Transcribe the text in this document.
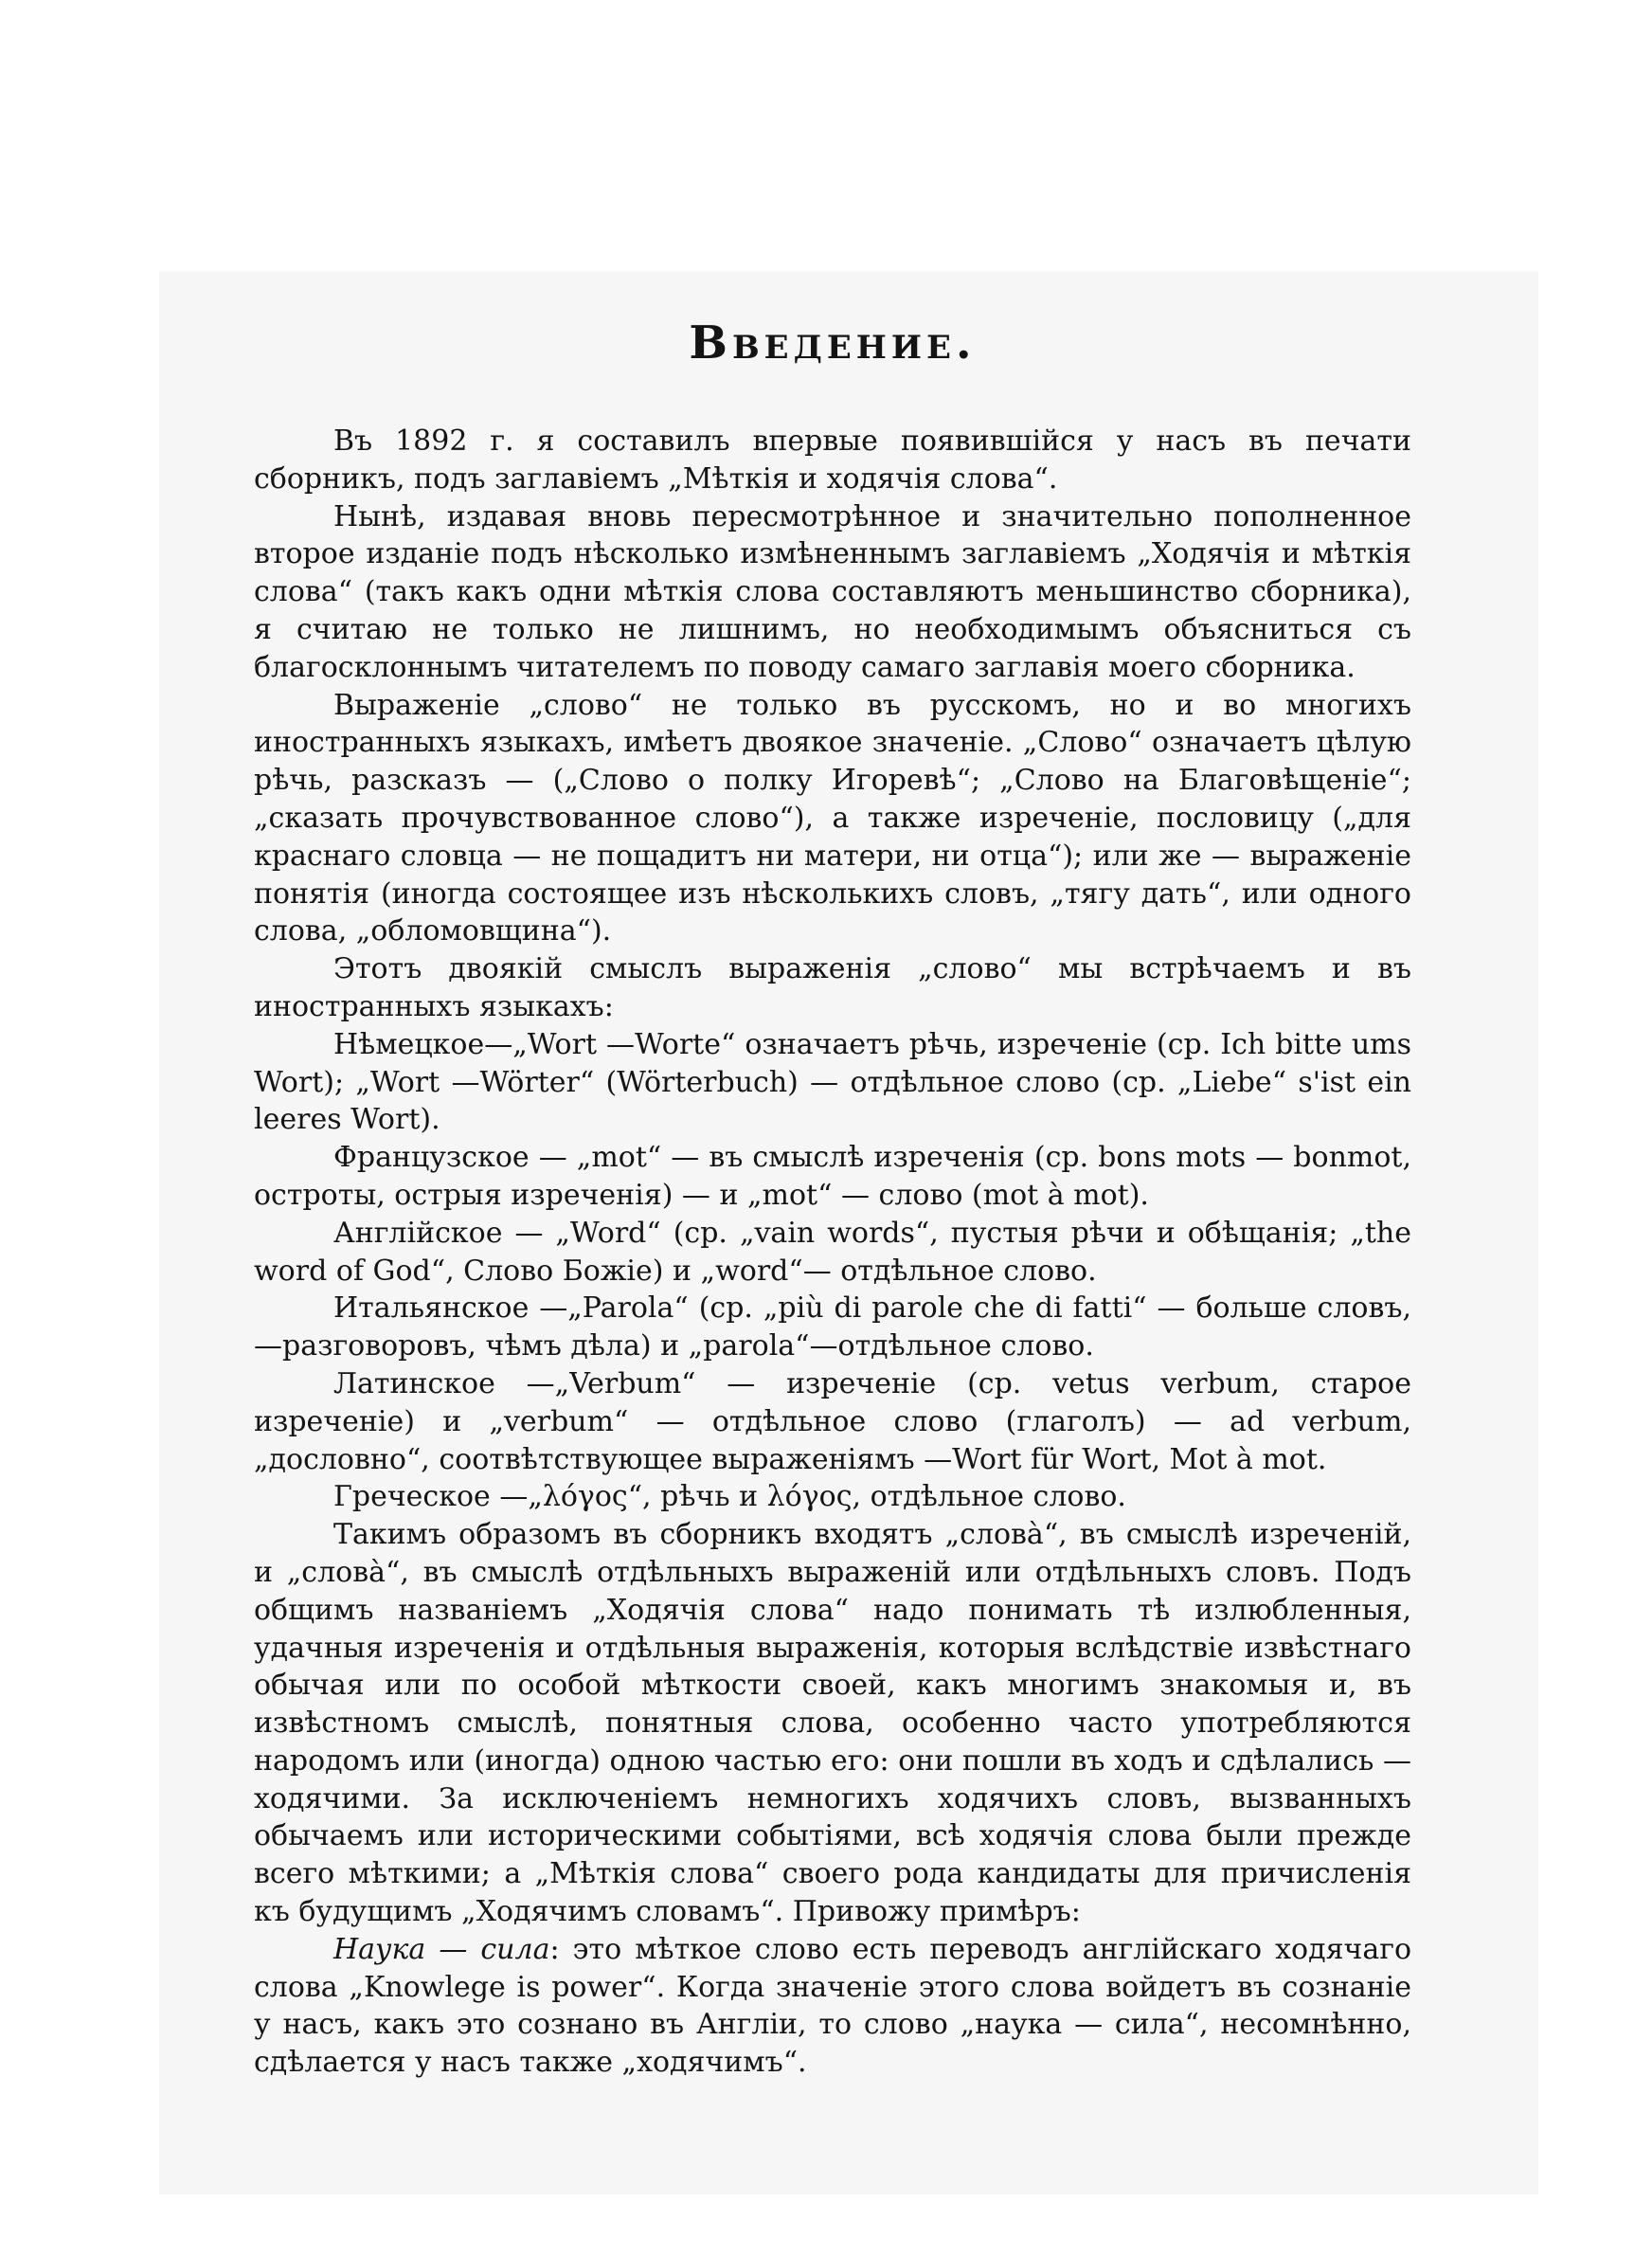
Введение.

Въ 1892 г. я составилъ впервые появившійся у насъ въ печати сборникъ, подъ заглавіемъ „Мѣткія и ходячія слова“.

Нынѣ, издавая вновь пересмотрѣнное и значительно пополненное второе изданіе подъ нѣсколько измѣненнымъ заглавіемъ „Ходячія и мѣткія слова“ (такъ какъ одни мѣткія слова составляютъ меньшинство сборника), я считаю не только не лишнимъ, но необходимымъ объясниться съ благосклоннымъ читателемъ по поводу самаго заглавія моего сборника.

Выраженіе „слово“ не только въ русскомъ, но и во многихъ иностранныхъ языкахъ, имѣетъ двоякое значеніе. „Слово“ означаетъ цѣлую рѣчь, разсказъ — („Слово о полку Игоревѣ“; „Слово на Благовѣщеніе“; „сказать прочувствованное слово“), а также изреченіе, пословицу („для краснаго словца — не пощадитъ ни матери, ни отца“); или же — выраженіе понятія (иногда состоящее изъ нѣсколькихъ словъ, „тягу дать“, или одного слова, „обломовщина“).

Этотъ двоякій смыслъ выраженія „слово“ мы встрѣчаемъ и въ иностранныхъ языкахъ:

Нѣмецкое—„Wort —Worte“ означаетъ рѣчь, изреченіе (ср. Ich bitte ums Wort); „Wort —Wörter“ (Wörterbuch) — отдѣльное слово (ср. „Liebe“ s'ist ein leeres Wort).

Французское — „mot“ — въ смыслѣ изреченія (ср. bons mots — bonmot, остроты, острыя изреченія) — и „mot“ — слово (mot à mot).

Англійское — „Word“ (ср. „vain words“, пустыя рѣчи и обѣщанія; „the word of God“, Слово Божіе) и „word“— отдѣльное слово.

Итальянское —„Parola“ (ср. „più di parole che di fatti“ — больше словъ,—разговоровъ, чѣмъ дѣла) и „parola“—отдѣльное слово.

Латинское —„Verbum“ — изреченіе (ср. vetus verbum, старое изреченіе) и „verbum“ — отдѣльное слово (глаголъ) — ad verbum, „дословно“, соотвѣтствующее выраженіямъ —Wort für Wort, Mot à mot.

Греческое —„λόγος“, рѣчь и λόγος, отдѣльное слово.

Такимъ образомъ въ сборникъ входятъ „слова̀“, въ смыслѣ изреченій, и „слова̀“, въ смыслѣ отдѣльныхъ выраженій или отдѣльныхъ словъ. Подъ общимъ названіемъ „Ходячія слова“ надо понимать тѣ излюбленныя, удачныя изреченія и отдѣльныя выраженія, которыя вслѣдствіе извѣстнаго обычая или по особой мѣткости своей, какъ многимъ знакомыя и, въ извѣстномъ смыслѣ, понятныя слова, особенно часто употребляются народомъ или (иногда) одною частью его: они пошли въ ходъ и сдѣлались — ходячими. За исключеніемъ немногихъ ходячихъ словъ, вызванныхъ обычаемъ или историческими событіями, всѣ ходячія слова были прежде всего мѣткими; а „Мѣткія слова“ своего рода кандидаты для причисленія къ будущимъ „Ходячимъ словамъ“. Привожу примѣръ:

Наука — сила: это мѣткое слово есть переводъ англійскаго ходячаго слова „Knowlege is power“. Когда значеніе этого слова войдетъ въ сознаніе у насъ, какъ это сознано въ Англіи, то слово „наука — сила“, несомнѣнно, сдѣлается у насъ также „ходячимъ“.
